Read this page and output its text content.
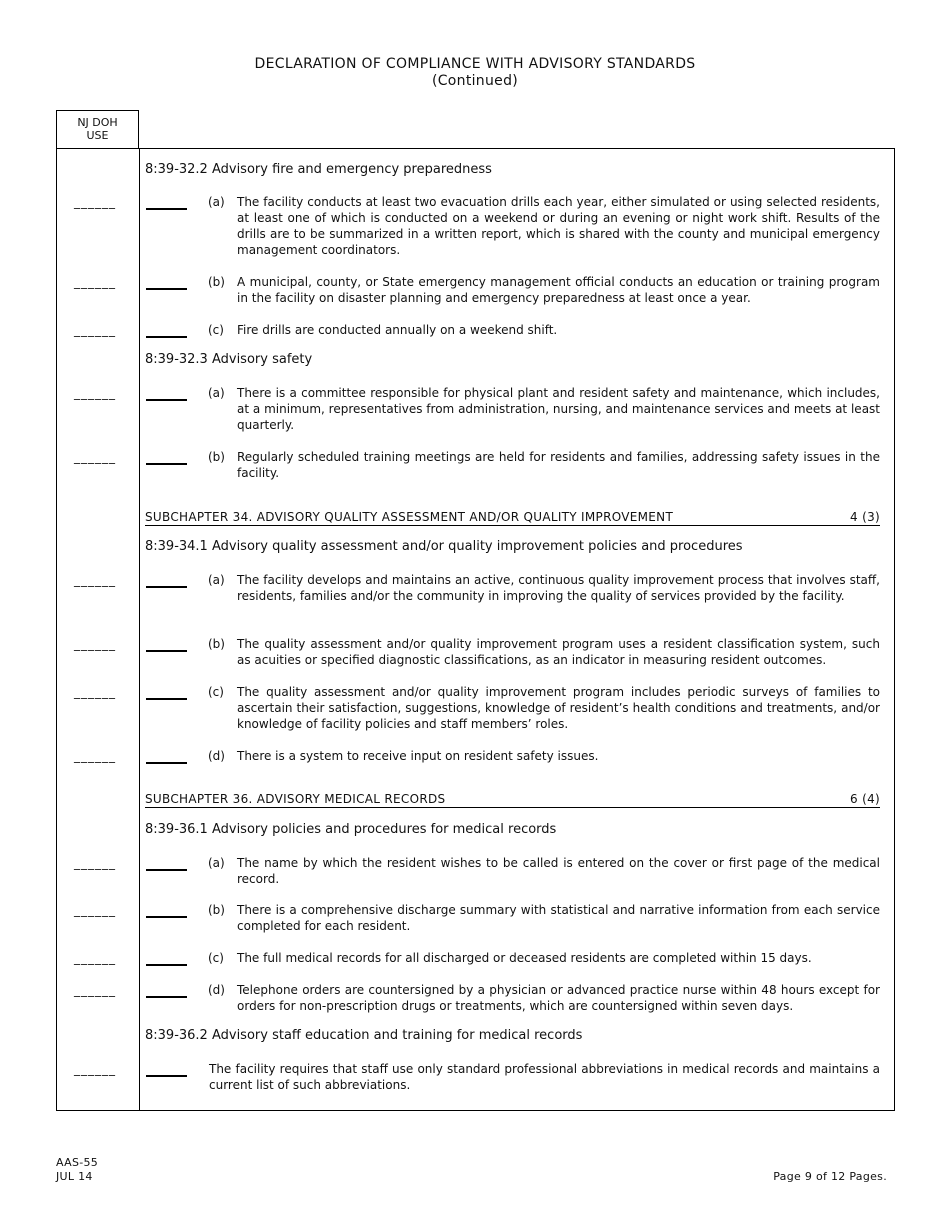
DECLARATION OF COMPLIANCE WITH ADVISORY STANDARDS
(Continued)
NJ DOH
USE
8:39-32.2 Advisory fire and emergency preparedness
8:39-32.3 Advisory safety
SUBCHAPTER 34. ADVISORY QUALITY ASSESSMENT AND/OR QUALITY IMPROVEMENT	4 (3)
8:39-34.1 Advisory quality assessment and/or quality improvement policies and procedures
SUBCHAPTER 36. ADVISORY MEDICAL RECORDS	6 (4)
8:39-36.1 Advisory policies and procedures for medical records
8:39-36.2 Advisory staff education and training for medical records
______	(a) The facility conducts at least two evacuation drills each year, either simulated or using selected residents, at least one of which is conducted on a weekend or during an evening or night work shift. Results of the drills are to be summarized in a written report, which is shared with the county and municipal emergency management coordinators.
______	(b) A municipal, county, or State emergency management official conducts an education or training program in the facility on disaster planning and emergency preparedness at least once a year.
______	(c) Fire drills are conducted annually on a weekend shift.
______	(a) There is a committee responsible for physical plant and resident safety and maintenance, which includes, at a minimum, representatives from administration, nursing, and maintenance services and meets at least quarterly.
______	(b) Regularly scheduled training meetings are held for residents and families, addressing safety issues in the facility.
______	(a) The facility develops and maintains an active, continuous quality improvement process that involves staff, residents, families and/or the community in improving the quality of services provided by the facility.
______	(b) The quality assessment and/or quality improvement program uses a resident classification system, such as acuities or specified diagnostic classifications, as an indicator in measuring resident outcomes.
______	(c) The quality assessment and/or quality improvement program includes periodic surveys of families to ascertain their satisfaction, suggestions, knowledge of resident’s health conditions and treatments, and/or knowledge of facility policies and staff members’ roles.
______	(d) There is a system to receive input on resident safety issues.
______	(a) The name by which the resident wishes to be called is entered on the cover or first page of the medical record.
______	(b) There is a comprehensive discharge summary with statistical and narrative information from each service completed for each resident.
______	(c) The full medical records for all discharged or deceased residents are completed within 15 days.
______	(d) Telephone orders are countersigned by a physician or advanced practice nurse within 48 hours except for orders for non-prescription drugs or treatments, which are countersigned within seven days.
______	The facility requires that staff use only standard professional abbreviations in medical records and maintains a current list of such abbreviations.
AAS-55
JUL 14	Page 9 of 12 Pages.
